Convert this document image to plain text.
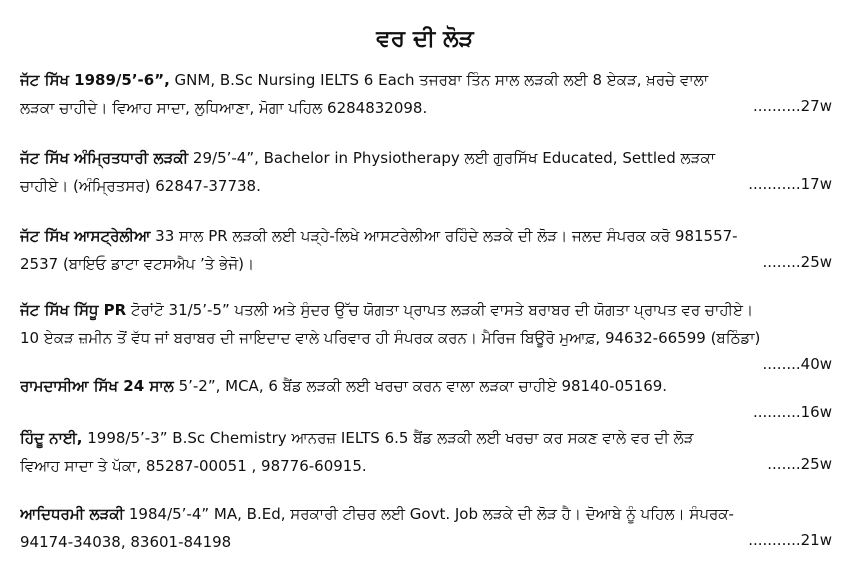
ਵਰ ਦੀ ਲੋੜ
ਜੱਟ ਸਿੱਖ 1989/5’-6”, GNM, B.Sc Nursing IELTS 6 Each ਤਜਰਬਾ ਤਿੰਨ ਸਾਲ ਲੜਕੀ ਲਈ 8 ਏਕੜ, ਖ਼ਰਚੇ ਵਾਲਾ
ਲੜਕਾ ਚਾਹੀਦੇ। ਵਿਆਹ ਸਾਦਾ, ਲੁਧਿਆਣਾ, ਮੋਗਾ ਪਹਿਲ 6284832098.	..........27w
ਜੱਟ ਸਿੱਖ ਅੰਮ੍ਰਿਤਧਾਰੀ ਲੜਕੀ 29/5’-4”, Bachelor in Physiotherapy ਲਈ ਗੁਰਸਿੱਖ Educated, Settled ਲੜਕਾ
ਚਾਹੀਏ। (ਅੰਮ੍ਰਿਤਸਰ) 62847-37738.	...........17w
ਜੱਟ ਸਿੱਖ ਆਸਟ੍ਰੇਲੀਆ 33 ਸਾਲ PR ਲੜਕੀ ਲਈ ਪੜ੍ਹੇ-ਲਿਖੇ ਆਸਟਰੇਲੀਆ ਰਹਿੰਦੇ ਲੜਕੇ ਦੀ ਲੋੜ। ਜਲਦ ਸੰਪਰਕ ਕਰੋ 981557-
2537 (ਬਾਇਓ ਡਾਟਾ ਵਟਸਐਪ ’ਤੇ ਭੇਜੋ)।	........25w
ਜੱਟ ਸਿੱਖ ਸਿੱਧੂ PR ਟੋਰਾਂਟੋ 31/5’-5” ਪਤਲੀ ਅਤੇ ਸੁੰਦਰ ਉੱਚ ਯੋਗਤਾ ਪ੍ਰਾਪਤ ਲੜਕੀ ਵਾਸਤੇ ਬਰਾਬਰ ਦੀ ਯੋਗਤਾ ਪ੍ਰਾਪਤ ਵਰ ਚਾਹੀਏ।
10 ਏਕੜ ਜ਼ਮੀਨ ਤੋਂ ਵੱਧ ਜਾਂ ਬਰਾਬਰ ਦੀ ਜਾਇਦਾਦ ਵਾਲੇ ਪਰਿਵਾਰ ਹੀ ਸੰਪਰਕ ਕਰਨ। ਮੈਰਿਜ ਬਿਊਰੋ ਮੁਆਫ਼, 94632-66599 (ਬਠਿੰਡਾ)
........40w
ਰਾਮਦਾਸੀਆ ਸਿੱਖ 24 ਸਾਲ 5’-2”, MCA, 6 ਬੈਂਡ ਲੜਕੀ ਲਈ ਖਰਚਾ ਕਰਨ ਵਾਲਾ ਲੜਕਾ ਚਾਹੀਏ 98140-05169.
..........16w
ਹਿੰਦੂ ਨਾਈ, 1998/5’-3” B.Sc Chemistry ਆਨਰਜ਼ IELTS 6.5 ਬੈਂਡ ਲੜਕੀ ਲਈ ਖਰਚਾ ਕਰ ਸਕਣ ਵਾਲੇ ਵਰ ਦੀ ਲੋੜ
ਵਿਆਹ ਸਾਦਾ ਤੇ ਪੱਕਾ, 85287-00051 , 98776-60915.	.......25w
ਆਦਿਧਰਮੀ ਲੜਕੀ 1984/5’-4” MA, B.Ed, ਸਰਕਾਰੀ ਟੀਚਰ ਲਈ Govt. Job ਲੜਕੇ ਦੀ ਲੋੜ ਹੈ। ਦੋਆਬੇ ਨੂੰ ਪਹਿਲ। ਸੰਪਰਕ-
94174-34038, 83601-84198	...........21w
